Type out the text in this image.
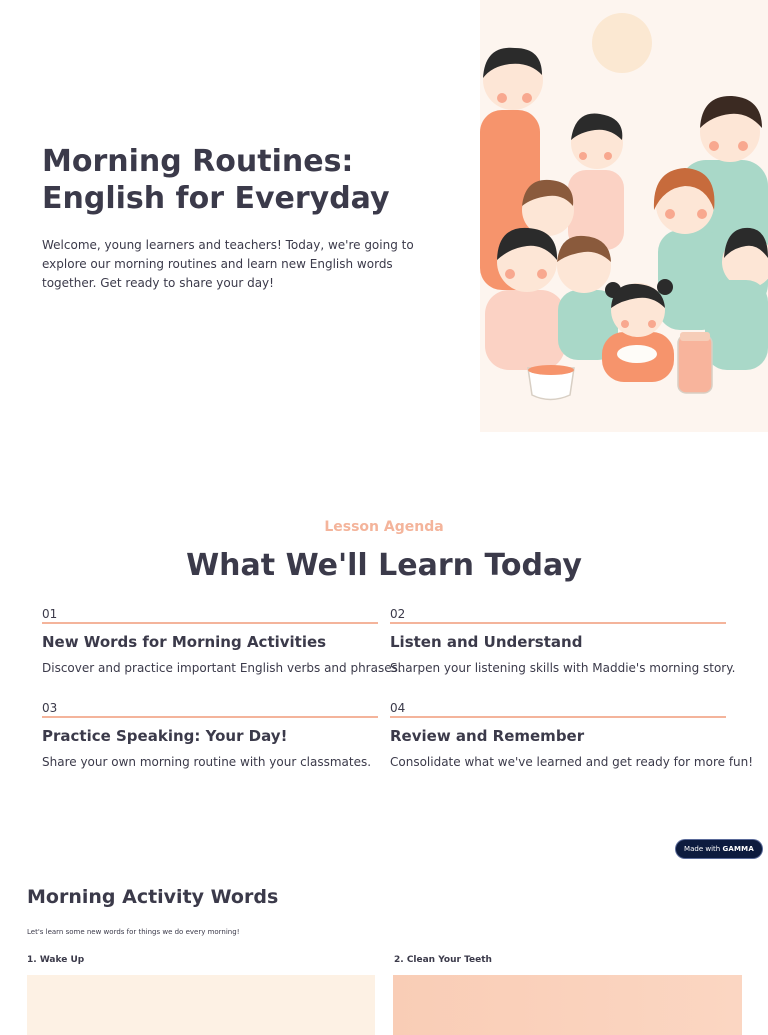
Morning Routines: English for Everyday

Welcome, young learners and teachers! Today, we're going to explore our morning routines and learn new English words together. Get ready to share your day!

Lesson Agenda

What We'll Learn Today
01
New Words for Morning Activities
Discover and practice important English verbs and phrases.
02
Listen and Understand
Sharpen your listening skills with Maddie's morning story.
03
Practice Speaking: Your Day!
Share your own morning routine with your classmates.
04
Review and Remember
Consolidate what we've learned and get ready for more fun!
Made with GAMMA
Morning Activity Words

Let's learn some new words for things we do every morning!

1. Wake Up	2. Clean Your Teeth
